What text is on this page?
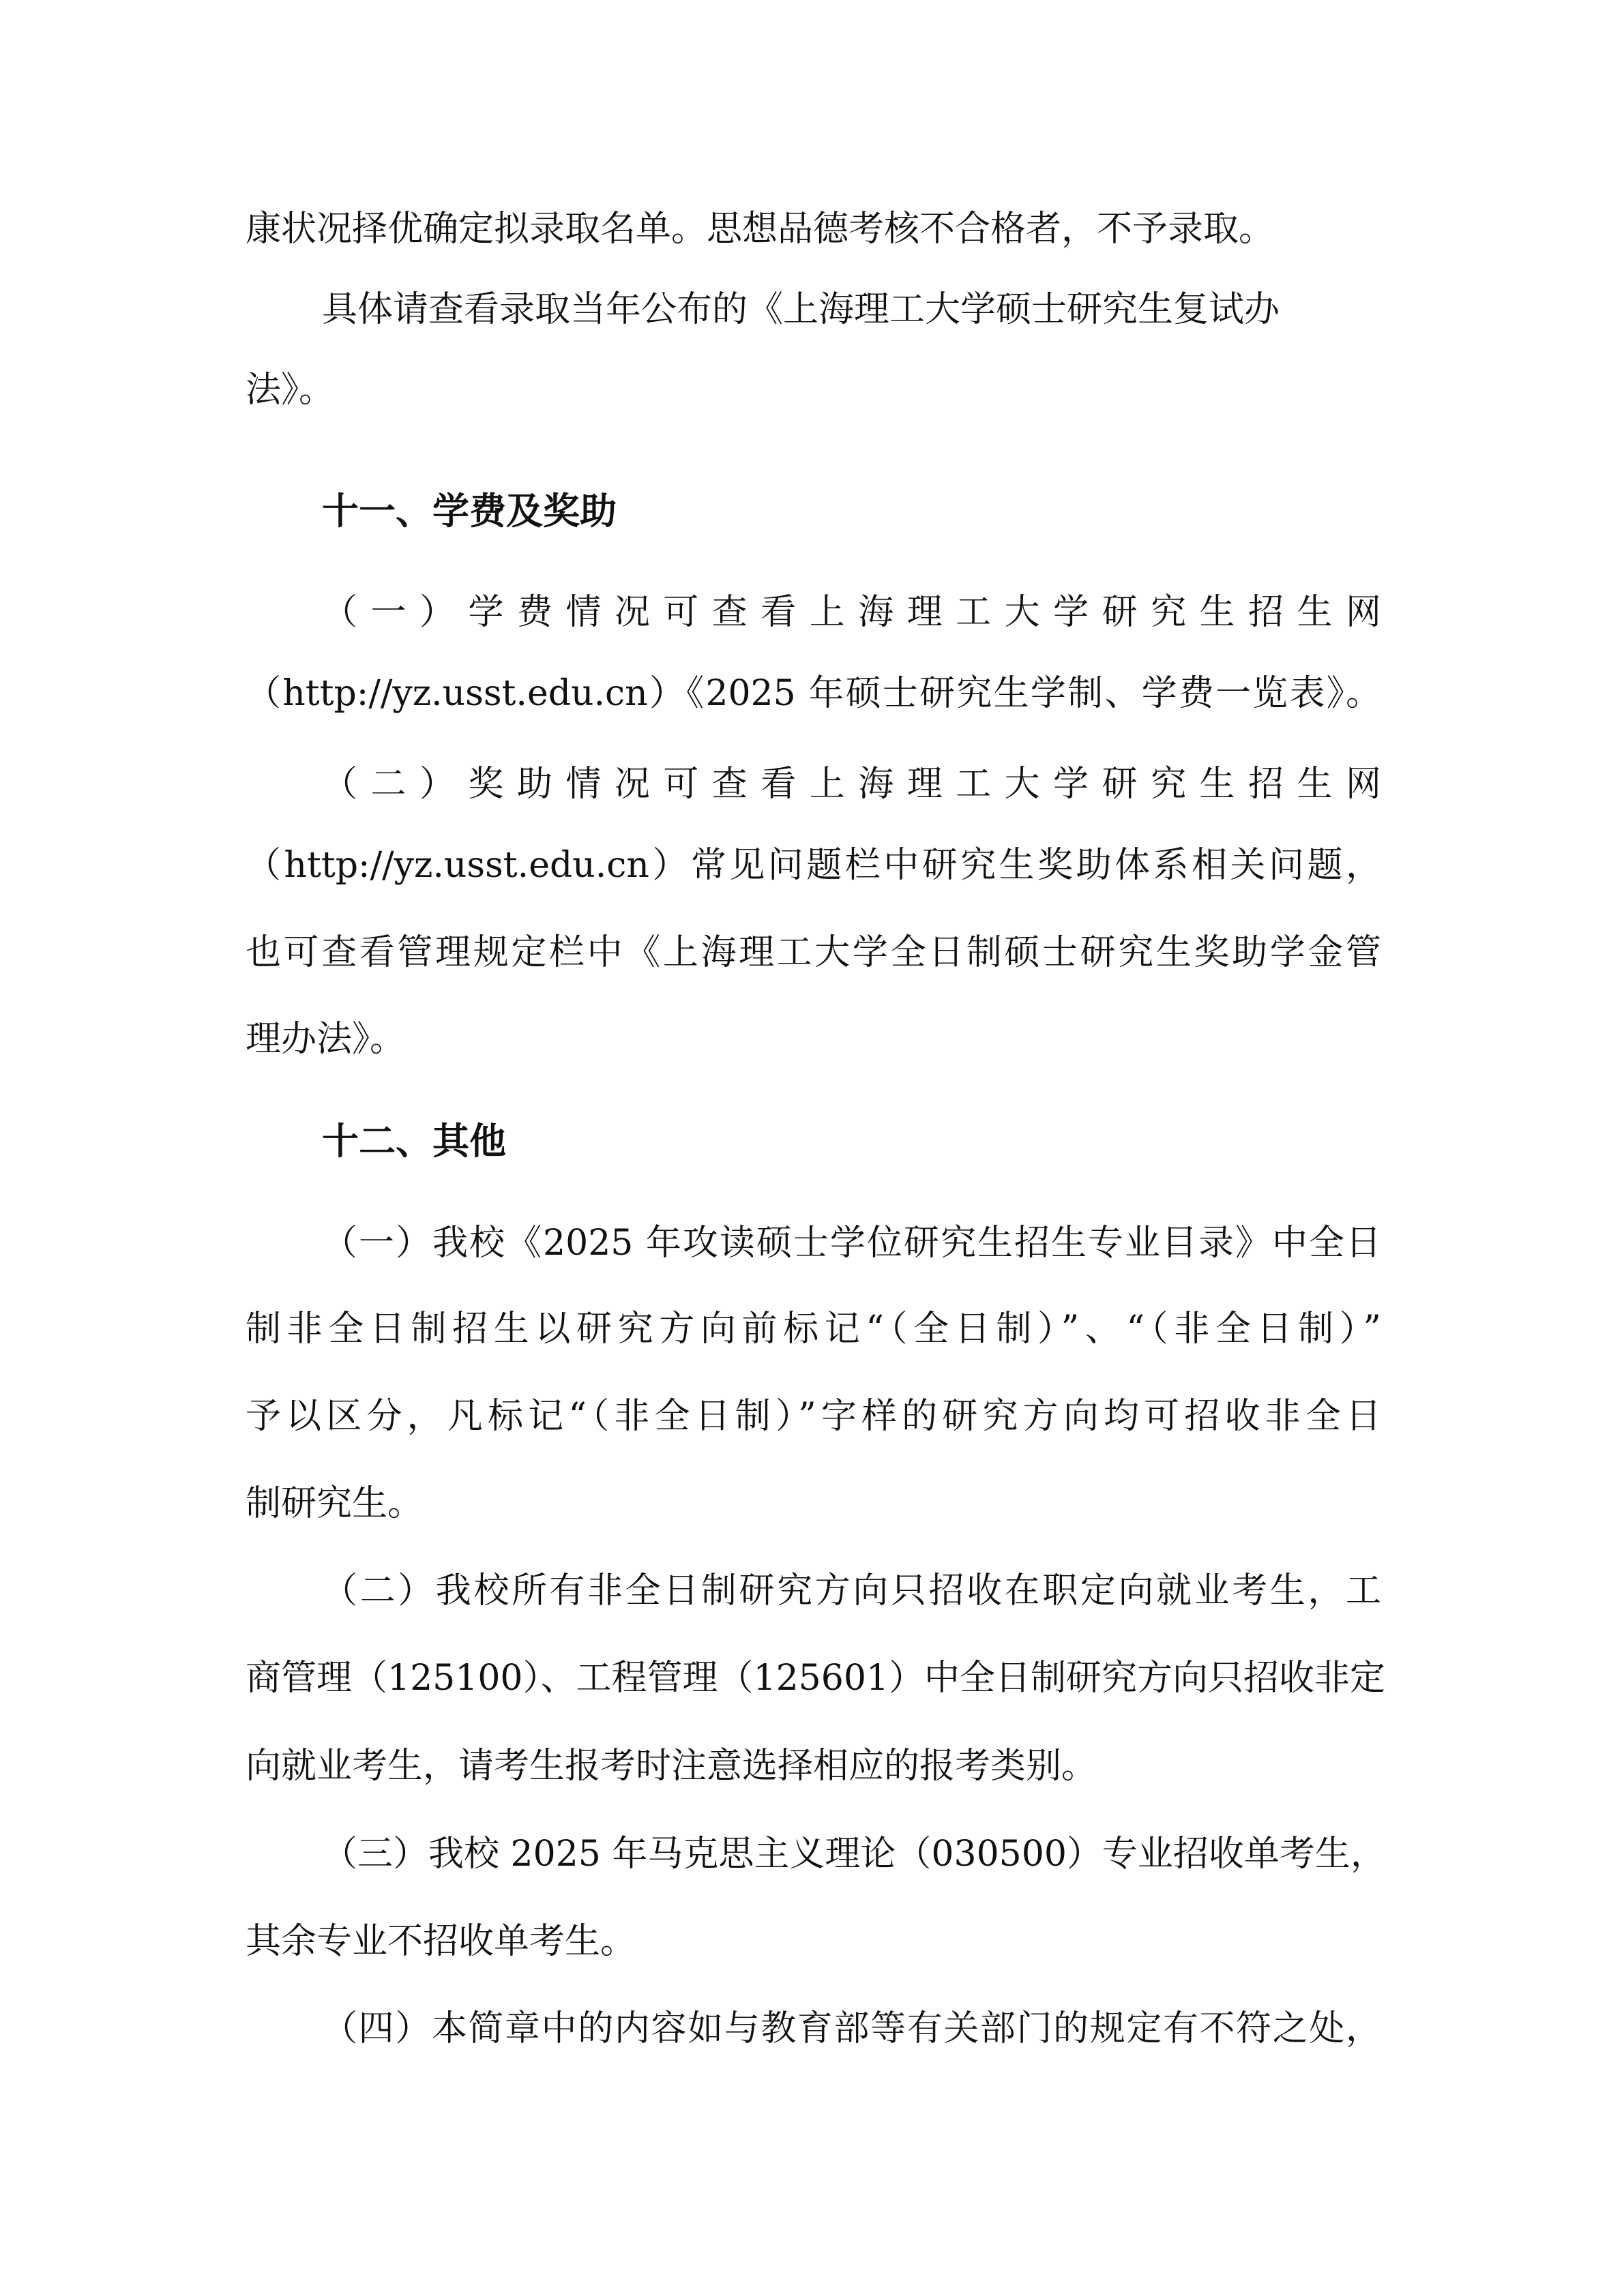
康状况择优确定拟录取名单。思想品德考核不合格者，不予录取。

具体请查看录取当年公布的《上海理工大学硕士研究生复试办

法》。

十一、学费及奖助

（一）学费情况可查看上海理工大学研究生招生网

（http://yz.usst.edu.cn）《2025 年硕士研究生学制、学费一览表》。

（二）奖助情况可查看上海理工大学研究生招生网

（http://yz.usst.edu.cn）常见问题栏中研究生奖助体系相关问题，

也可查看管理规定栏中《上海理工大学全日制硕士研究生奖助学金管

理办法》。

十二、其他

（一）我校《2025 年攻读硕士学位研究生招生专业目录》中全日

制非全日制招生以研究方向前标记“（全日制）”、“（非全日制）”

予以区分，凡标记“（非全日制）”字样的研究方向均可招收非全日

制研究生。

（二）我校所有非全日制研究方向只招收在职定向就业考生，工

商管理（125100）、工程管理（125601）中全日制研究方向只招收非定

向就业考生，请考生报考时注意选择相应的报考类别。

（三）我校 2025 年马克思主义理论（030500）专业招收单考生，

其余专业不招收单考生。

（四）本简章中的内容如与教育部等有关部门的规定有不符之处，
